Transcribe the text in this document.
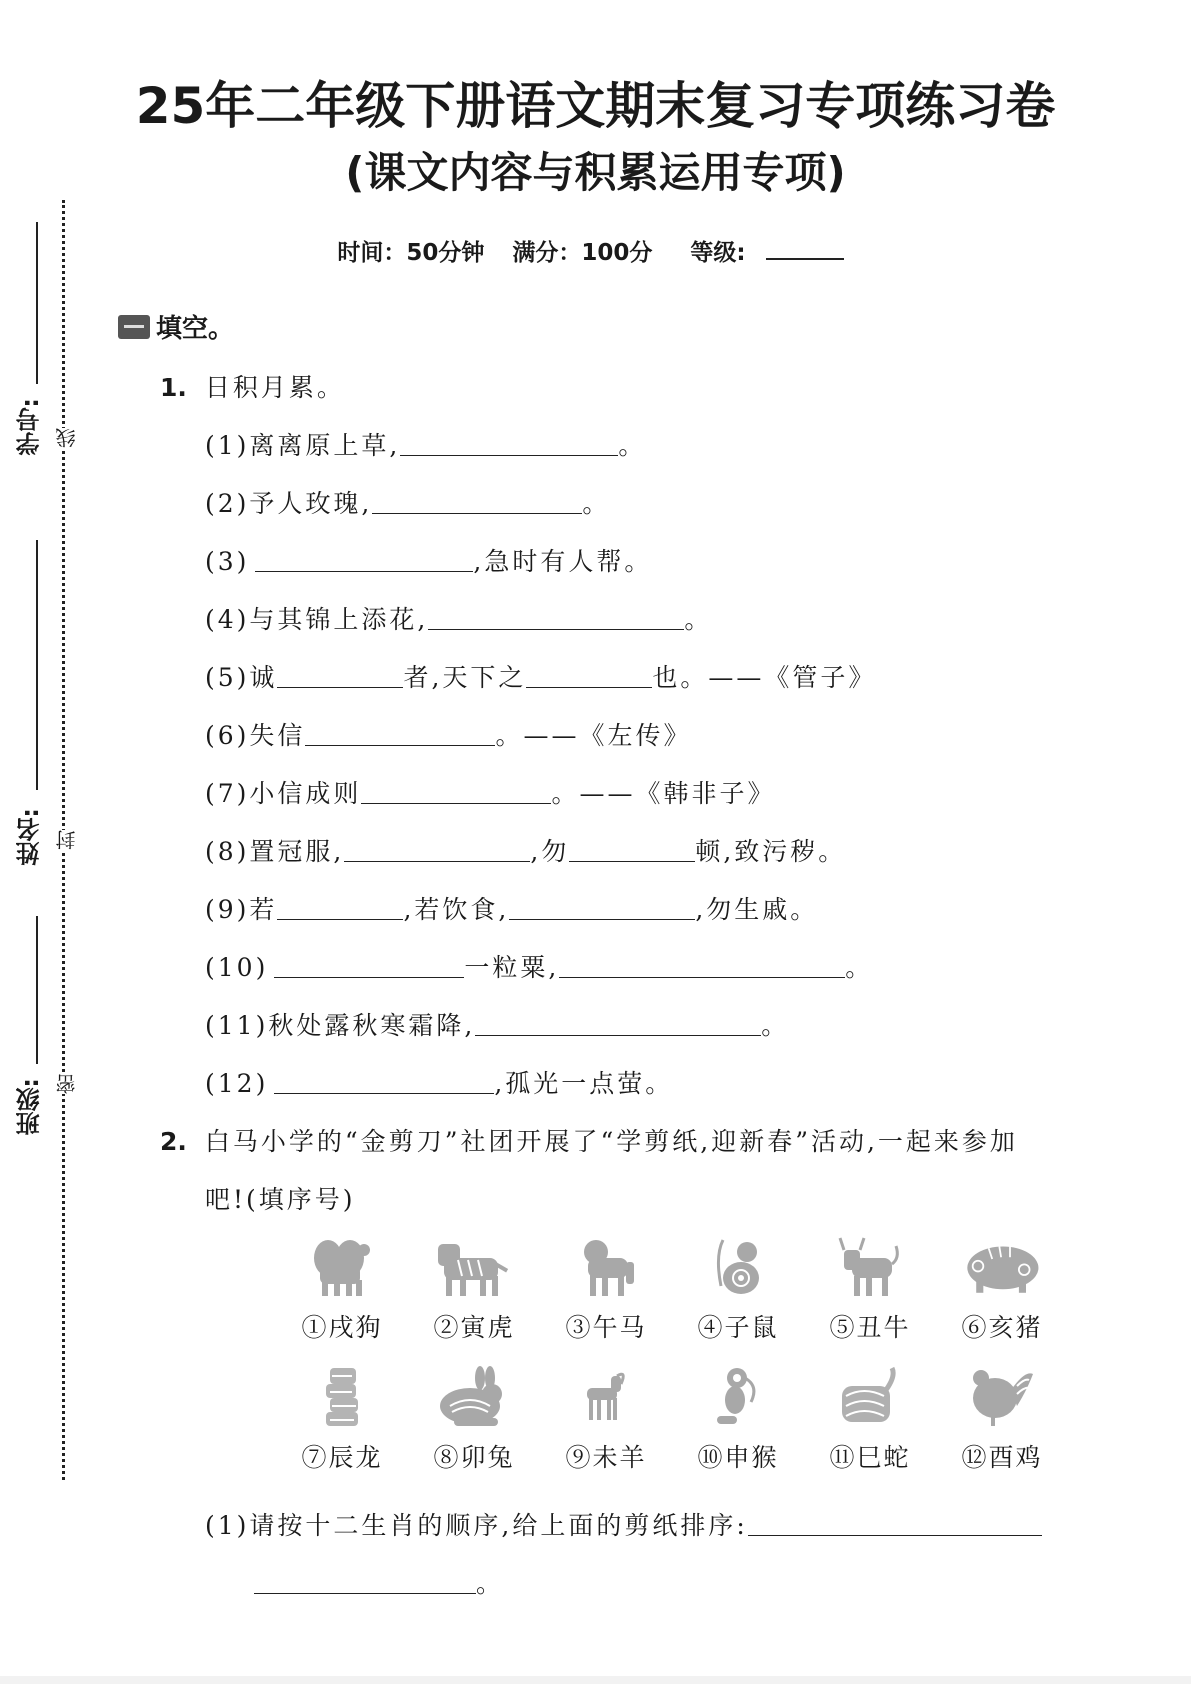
25年二年级下册语文期末复习专项练习卷
(课文内容与积累运用专项)
时间：50分钟 满分：100分 等级:
学号: 线
姓名: 封
班级: 密
填空。
1. 日积月累。
(1)离离原上草,	。
(2)予人玫瑰,	。
(3)	,急时有人帮。
(4)与其锦上添花,	。
(5)诚	者,天下之	也。——《管子》
(6)失信	。——《左传》
(7)小信成则	。——《韩非子》
(8)置冠服,	,勿	顿,致污秽。
(9)若	,若饮食,	,勿生戚。
(10)	一粒粟,	。
(11)秋处露秋寒霜降,	。
(12)	,孤光一点萤。
2. 白马小学的“金剪刀”社团开展了“学剪纸,迎新春”活动,一起来参加
吧!(填序号)
①戌狗 ②寅虎 ③午马 ④子鼠 ⑤丑牛 ⑥亥猪
⑦辰龙 ⑧卯兔 ⑨未羊 ⑩申猴 ⑪巳蛇 ⑫酉鸡
(1)请按十二生肖的顺序,给上面的剪纸排序:
。
